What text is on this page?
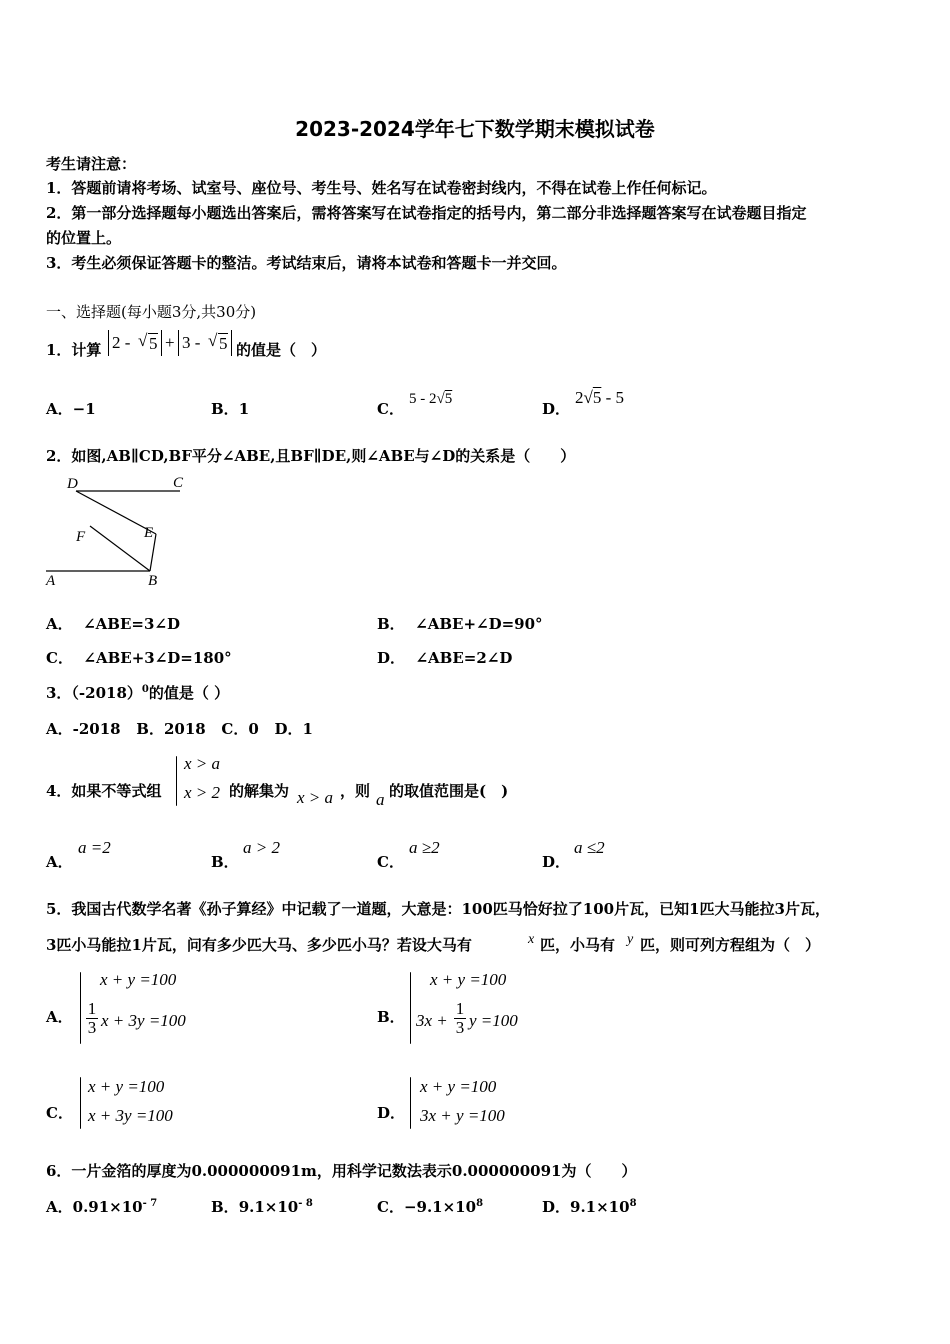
2023-2024学年七下数学期末模拟试卷
考生请注意：
1．答题前请将考场、试室号、座位号、考生号、姓名写在试卷密封线内，不得在试卷上作任何标记。
2．第一部分选择题每小题选出答案后，需将答案写在试卷指定的括号内，第二部分非选择题答案写在试卷题目指定
的位置上。
3．考生必须保证答题卡的整洁。考试结束后，请将本试卷和答题卡一并交回。
一、选择题(每小题3分,共30分)
1．计算 2 - √ 5 + 3 - √ 5 的值是（　）
A．−1	B．1	C．
5 - 2√5
D．
2√5 - 5
2．如图,AB∥CD,BF平分∠ABE,且BF∥DE,则∠ABE与∠D的关系是（　　）
D	C
F	E
A	B
A． ∠ABE=3∠D	B． ∠ABE+∠D=90°
C． ∠ABE+3∠D=180°	D． ∠ABE=2∠D
3．$(-2018)^0$的值是（ ）
A．-2018 B．2018 C．0 D．1
4．如果不等式组
x > a
x > 2 的解集为 x > a ，则 a 的取值范围是(　)
A．
a =2
B．
a > 2
C．
a ≥2
D．
a ≤2
5．我国古代数学名著《孙子算经》中记载了一道题，大意是：100匹马恰好拉了100片瓦，已知1匹大马能拉3片瓦，
3匹小马能拉1片瓦，问有多少匹大马、多少匹小马？若设大马有	x 匹，小马有 y 匹，则可列方程组为（　）
A．
x + y =100
$\frac{1}{3}$ x + 3y =100	B．
x + y =100
$3x + \frac{1}{3}$ y =100
C．
x + y =100
x + 3y =100	D．
x + y =100
3x + y =100
6．一片金箔的厚度为0.000000091m，用科学记数法表示0.000000091为（　　）
A．$0.91\times 10^{- 7}$	B．$9.1\times 10^{- 8}$	C．$-9.1\times 10^8$	D．$9.1\times 10^8$
